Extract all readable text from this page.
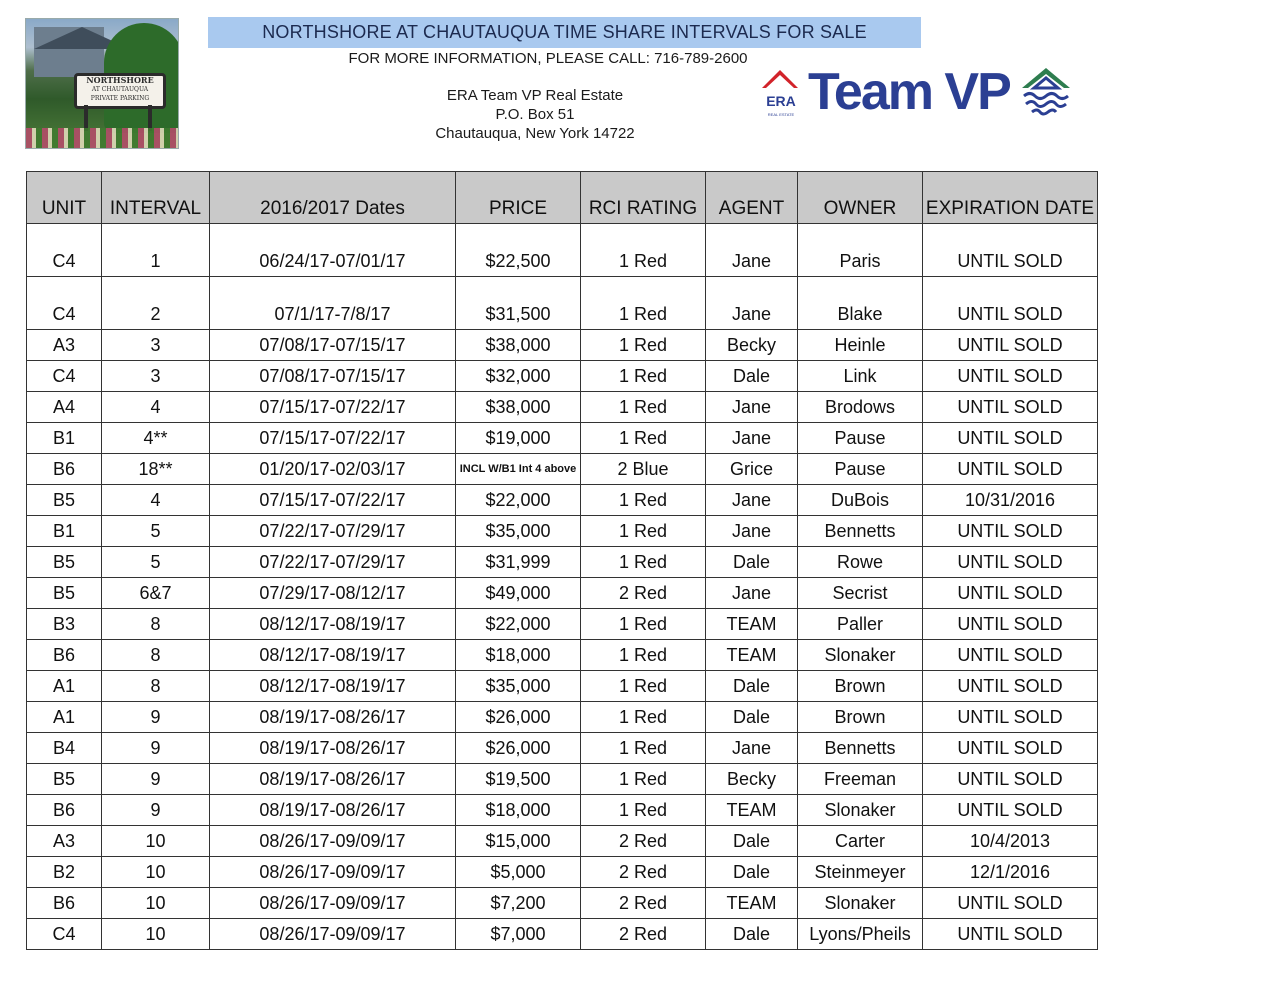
NORTHSHORE
AT CHAUTAUQUA
PRIVATE PARKING
NORTHSHORE AT CHAUTAUQUA TIME SHARE INTERVALS FOR SALE
FOR MORE INFORMATION, PLEASE CALL: 716-789-2600
ERA Team VP Real Estate
P.O. Box 51
Chautauqua, New York 14722
ERA
REAL ESTATE Team VP
UNIT	INTERVAL	2016/2017 Dates	PRICE	RCI RATING	AGENT	OWNER	EXPIRATION DATE
C4	1	06/24/17-07/01/17	$22,500	1 Red	Jane	Paris	UNTIL SOLD
C4	2	07/1/17-7/8/17	$31,500	1 Red	Jane	Blake	UNTIL SOLD
A3	3	07/08/17-07/15/17	$38,000	1 Red	Becky	Heinle	UNTIL SOLD
C4	3	07/08/17-07/15/17	$32,000	1 Red	Dale	Link	UNTIL SOLD
A4	4	07/15/17-07/22/17	$38,000	1 Red	Jane	Brodows	UNTIL SOLD
B1	4**	07/15/17-07/22/17	$19,000	1 Red	Jane	Pause	UNTIL SOLD
B6	18**	01/20/17-02/03/17	INCL W/B1 Int 4 above	2 Blue	Grice	Pause	UNTIL SOLD
B5	4	07/15/17-07/22/17	$22,000	1 Red	Jane	DuBois	10/31/2016
B1	5	07/22/17-07/29/17	$35,000	1 Red	Jane	Bennetts	UNTIL SOLD
B5	5	07/22/17-07/29/17	$31,999	1 Red	Dale	Rowe	UNTIL SOLD
B5	6&7	07/29/17-08/12/17	$49,000	2 Red	Jane	Secrist	UNTIL SOLD
B3	8	08/12/17-08/19/17	$22,000	1 Red	TEAM	Paller	UNTIL SOLD
B6	8	08/12/17-08/19/17	$18,000	1 Red	TEAM	Slonaker	UNTIL SOLD
A1	8	08/12/17-08/19/17	$35,000	1 Red	Dale	Brown	UNTIL SOLD
A1	9	08/19/17-08/26/17	$26,000	1 Red	Dale	Brown	UNTIL SOLD
B4	9	08/19/17-08/26/17	$26,000	1 Red	Jane	Bennetts	UNTIL SOLD
B5	9	08/19/17-08/26/17	$19,500	1 Red	Becky	Freeman	UNTIL SOLD
B6	9	08/19/17-08/26/17	$18,000	1 Red	TEAM	Slonaker	UNTIL SOLD
A3	10	08/26/17-09/09/17	$15,000	2 Red	Dale	Carter	10/4/2013
B2	10	08/26/17-09/09/17	$5,000	2 Red	Dale	Steinmeyer	12/1/2016
B6	10	08/26/17-09/09/17	$7,200	2 Red	TEAM	Slonaker	UNTIL SOLD
C4	10	08/26/17-09/09/17	$7,000	2 Red	Dale	Lyons/Pheils	UNTIL SOLD
